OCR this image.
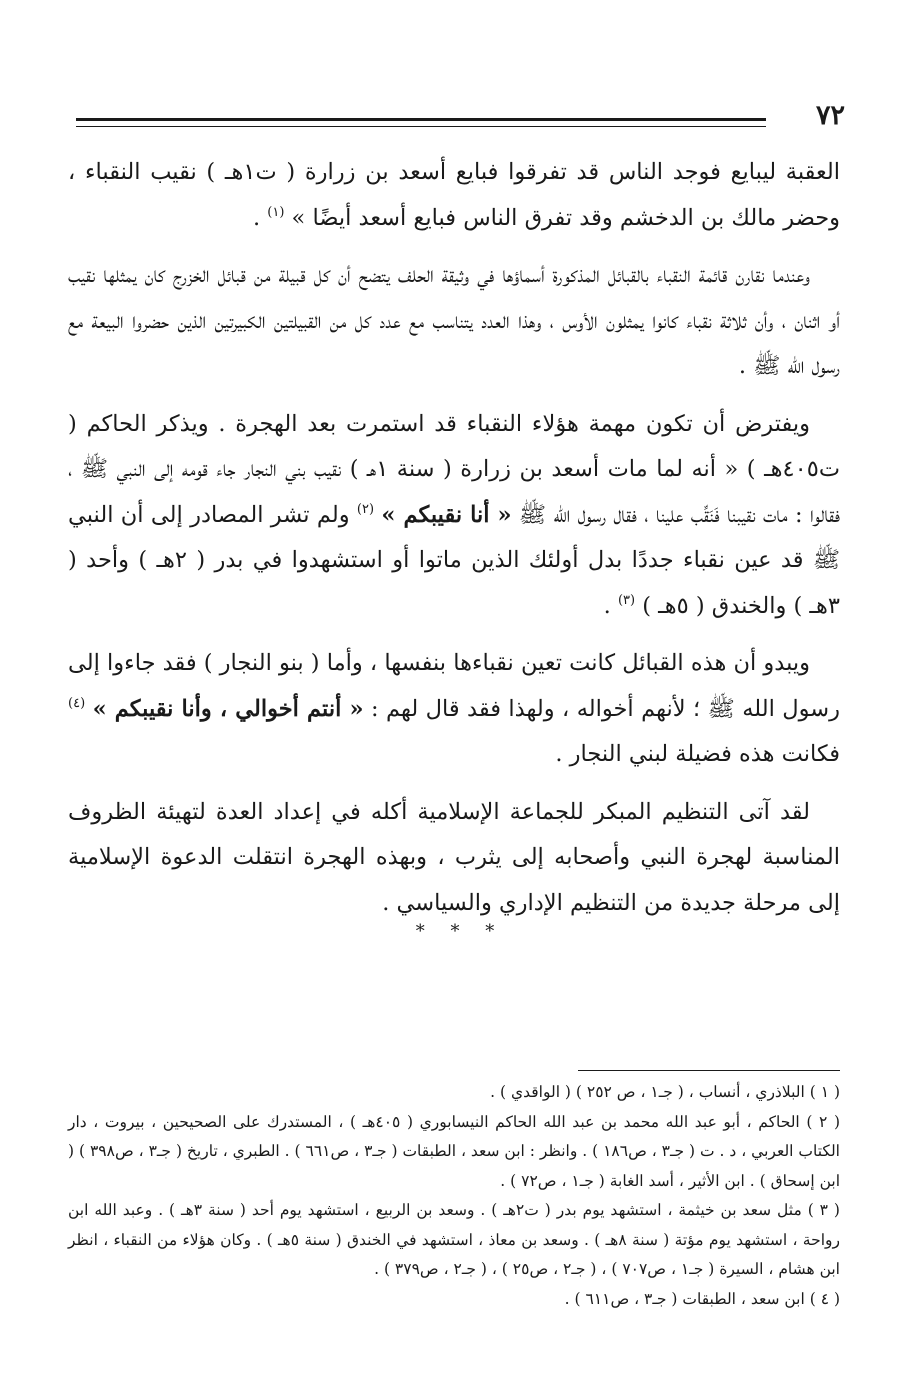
٧٢

العقبة ليبايع فوجد الناس قد تفرقوا فبايع أسعد بن زرارة ( ت١هـ ) نقيب النقباء ، وحضر مالك بن الدخشم وقد تفرق الناس فبايع أسعد أيضًا » $^{(١)}$ .

وعندما نقارن قائمة النقباء بالقبائل المذكورة أسماؤها في وثيقة الحلف يتضح أن كل قبيلة من قبائل الخزرج كان يمثلها نقيب أو اثنان ، وأن ثلاثة نقباء كانوا يمثلون الأوس ، وهذا العدد يتناسب مع عدد كل من القبيلتين الكبيرتين الذين حضروا البيعة مع رسول الله ﷺ .

ويفترض أن تكون مهمة هؤلاء النقباء قد استمرت بعد الهجرة . ويذكر الحاكم ( ت٤٠٥هـ ) « أنه لما مات أسعد بن زرارة ( سنة ١هـ ) نقيب بني النجار جاء قومه إلى النبي ﷺ ، فقالوا : مات نقيبنا فَنَقِّب علينا ، فقال رسول الله ﷺ « أنا نقيبكم » $^{(٢)}$ ولم تشر المصادر إلى أن النبي ﷺ قد عين نقباء جددًا بدل أولئك الذين ماتوا أو استشهدوا في بدر ( ٢هـ ) وأحد ( ٣هـ ) والخندق ( ٥هـ ) $^{(٣)}$ .

ويبدو أن هذه القبائل كانت تعين نقباءها بنفسها ، وأما ( بنو النجار ) فقد جاءوا إلى رسول الله ﷺ ؛ لأنهم أخواله ، ولهذا فقد قال لهم : « أنتم أخوالي ، وأنا نقيبكم » $^{(٤)}$ فكانت هذه فضيلة لبني النجار .

لقد آتى التنظيم المبكر للجماعة الإسلامية أكله في إعداد العدة لتهيئة الظروف المناسبة لهجرة النبي وأصحابه إلى يثرب ، وبهذه الهجرة انتقلت الدعوة الإسلامية إلى مرحلة جديدة من التنظيم الإداري والسياسي .

* * *

( ١ ) البلاذري ، أنساب ، ( جـ١ ، ص ٢٥٢ ) ( الواقدي ) .

( ٢ ) الحاكم ، أبو عبد الله محمد بن عبد الله الحاكم النيسابوري ( ٤٠٥هـ ) ، المستدرك على الصحيحين ، بيروت ، دار الكتاب العربي ، د . ت ( جـ٣ ، ص١٨٦ ) . وانظر : ابن سعد ، الطبقات ( جـ٣ ، ص٦٦١ ) . الطبري ، تاريخ ( جـ٣ ، ص٣٩٨ ) ( ابن إسحاق ) . ابن الأثير ، أسد الغابة ( جـ١ ، ص٧٢ ) .

( ٣ ) مثل سعد بن خيثمة ، استشهد يوم بدر ( ت٢هـ ) . وسعد بن الربيع ، استشهد يوم أحد ( سنة ٣هـ ) . وعبد الله ابن رواحة ، استشهد يوم مؤتة ( سنة ٨هـ ) . وسعد بن معاذ ، استشهد في الخندق ( سنة ٥هـ ) . وكان هؤلاء من النقباء ، انظر ابن هشام ، السيرة ( جـ١ ، ص٧٠٧ ) ، ( جـ٢ ، ص٢٥ ) ، ( جـ٢ ، ص٣٧٩ ) .

( ٤ ) ابن سعد ، الطبقات ( جـ٣ ، ص٦١١ ) .
